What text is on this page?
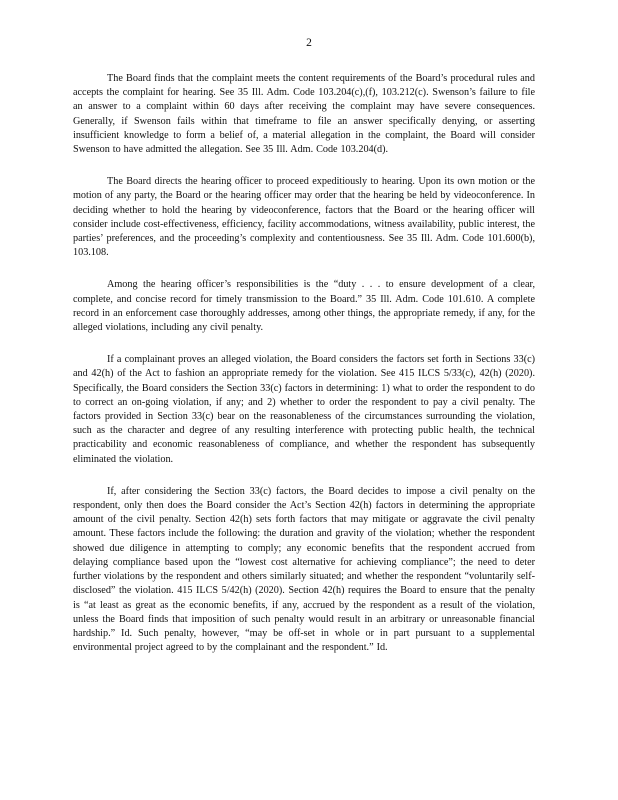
2

The Board finds that the complaint meets the content requirements of the Board’s procedural rules and accepts the complaint for hearing. See 35 Ill. Adm. Code 103.204(c),(f), 103.212(c). Swenson’s failure to file an answer to a complaint within 60 days after receiving the complaint may have severe consequences. Generally, if Swenson fails within that timeframe to file an answer specifically denying, or asserting insufficient knowledge to form a belief of, a material allegation in the complaint, the Board will consider Swenson to have admitted the allegation. See 35 Ill. Adm. Code 103.204(d).

The Board directs the hearing officer to proceed expeditiously to hearing. Upon its own motion or the motion of any party, the Board or the hearing officer may order that the hearing be held by videoconference. In deciding whether to hold the hearing by videoconference, factors that the Board or the hearing officer will consider include cost-effectiveness, efficiency, facility accommodations, witness availability, public interest, the parties’ preferences, and the proceeding’s complexity and contentiousness. See 35 Ill. Adm. Code 101.600(b), 103.108.

Among the hearing officer’s responsibilities is the “duty . . . to ensure development of a clear, complete, and concise record for timely transmission to the Board.” 35 Ill. Adm. Code 101.610. A complete record in an enforcement case thoroughly addresses, among other things, the appropriate remedy, if any, for the alleged violations, including any civil penalty.

If a complainant proves an alleged violation, the Board considers the factors set forth in Sections 33(c) and 42(h) of the Act to fashion an appropriate remedy for the violation. See 415 ILCS 5/33(c), 42(h) (2020). Specifically, the Board considers the Section 33(c) factors in determining: 1) what to order the respondent to do to correct an on-going violation, if any; and 2) whether to order the respondent to pay a civil penalty. The factors provided in Section 33(c) bear on the reasonableness of the circumstances surrounding the violation, such as the character and degree of any resulting interference with protecting public health, the technical practicability and economic reasonableness of compliance, and whether the respondent has subsequently eliminated the violation.

If, after considering the Section 33(c) factors, the Board decides to impose a civil penalty on the respondent, only then does the Board consider the Act’s Section 42(h) factors in determining the appropriate amount of the civil penalty. Section 42(h) sets forth factors that may mitigate or aggravate the civil penalty amount. These factors include the following: the duration and gravity of the violation; whether the respondent showed due diligence in attempting to comply; any economic benefits that the respondent accrued from delaying compliance based upon the “lowest cost alternative for achieving compliance”; the need to deter further violations by the respondent and others similarly situated; and whether the respondent “voluntarily self-disclosed” the violation. 415 ILCS 5/42(h) (2020). Section 42(h) requires the Board to ensure that the penalty is “at least as great as the economic benefits, if any, accrued by the respondent as a result of the violation, unless the Board finds that imposition of such penalty would result in an arbitrary or unreasonable financial hardship.” Id. Such penalty, however, “may be off-set in whole or in part pursuant to a supplemental environmental project agreed to by the complainant and the respondent.” Id.
